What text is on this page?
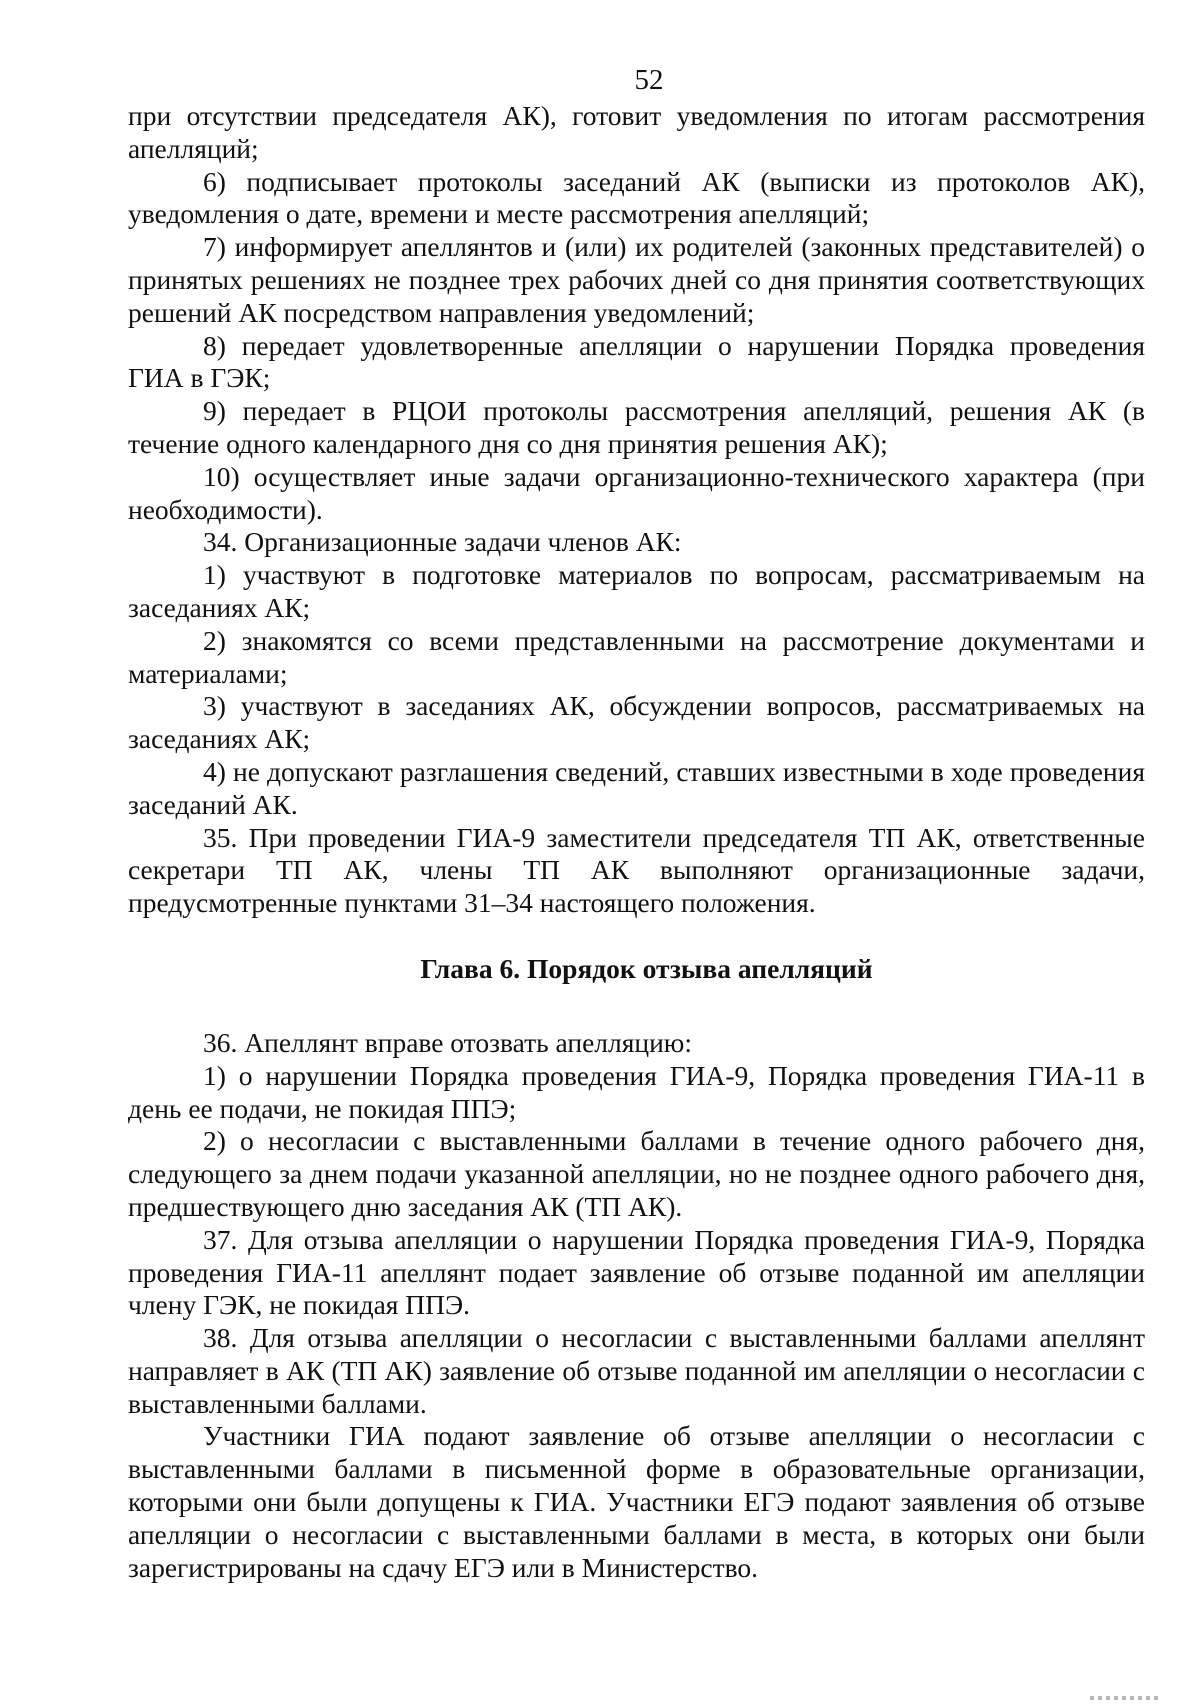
52

при отсутствии председателя АК), готовит уведомления по итогам рассмотрения апелляций;

6) подписывает протоколы заседаний АК (выписки из протоколов АК), уведомления о дате, времени и месте рассмотрения апелляций;

7) информирует апеллянтов и (или) их родителей (законных представителей) о принятых решениях не позднее трех рабочих дней со дня принятия соответствующих решений АК посредством направления уведомлений;

8) передает удовлетворенные апелляции о нарушении Порядка проведения ГИА в ГЭК;

9) передает в РЦОИ протоколы рассмотрения апелляций, решения АК (в течение одного календарного дня со дня принятия решения АК);

10) осуществляет иные задачи организационно-технического характера (при необходимости).

34. Организационные задачи членов АК:

1) участвуют в подготовке материалов по вопросам, рассматриваемым на заседаниях АК;

2) знакомятся со всеми представленными на рассмотрение документами и материалами;

3) участвуют в заседаниях АК, обсуждении вопросов, рассматриваемых на заседаниях АК;

4) не допускают разглашения сведений, ставших известными в ходе проведения заседаний АК.

35. При проведении ГИА-9 заместители председателя ТП АК, ответственные секретари ТП АК, члены ТП АК выполняют организационные задачи, предусмотренные пунктами 31–34 настоящего положения.

Глава 6. Порядок отзыва апелляций

36. Апеллянт вправе отозвать апелляцию:

1) о нарушении Порядка проведения ГИА-9, Порядка проведения ГИА-11 в день ее подачи, не покидая ППЭ;

2) о несогласии с выставленными баллами в течение одного рабочего дня, следующего за днем подачи указанной апелляции, но не позднее одного рабочего дня, предшествующего дню заседания АК (ТП АК).

37. Для отзыва апелляции о нарушении Порядка проведения ГИА-9, Порядка проведения ГИА-11 апеллянт подает заявление об отзыве поданной им апелляции члену ГЭК, не покидая ППЭ.

38. Для отзыва апелляции о несогласии с выставленными баллами апеллянт направляет в АК (ТП АК) заявление об отзыве поданной им апелляции о несогласии с выставленными баллами.

Участники ГИА подают заявление об отзыве апелляции о несогласии с выставленными баллами в письменной форме в образовательные организации, которыми они были допущены к ГИА. Участники ЕГЭ подают заявления об отзыве апелляции о несогласии с выставленными баллами в места, в которых они были зарегистрированы на сдачу ЕГЭ или в Министерство.
